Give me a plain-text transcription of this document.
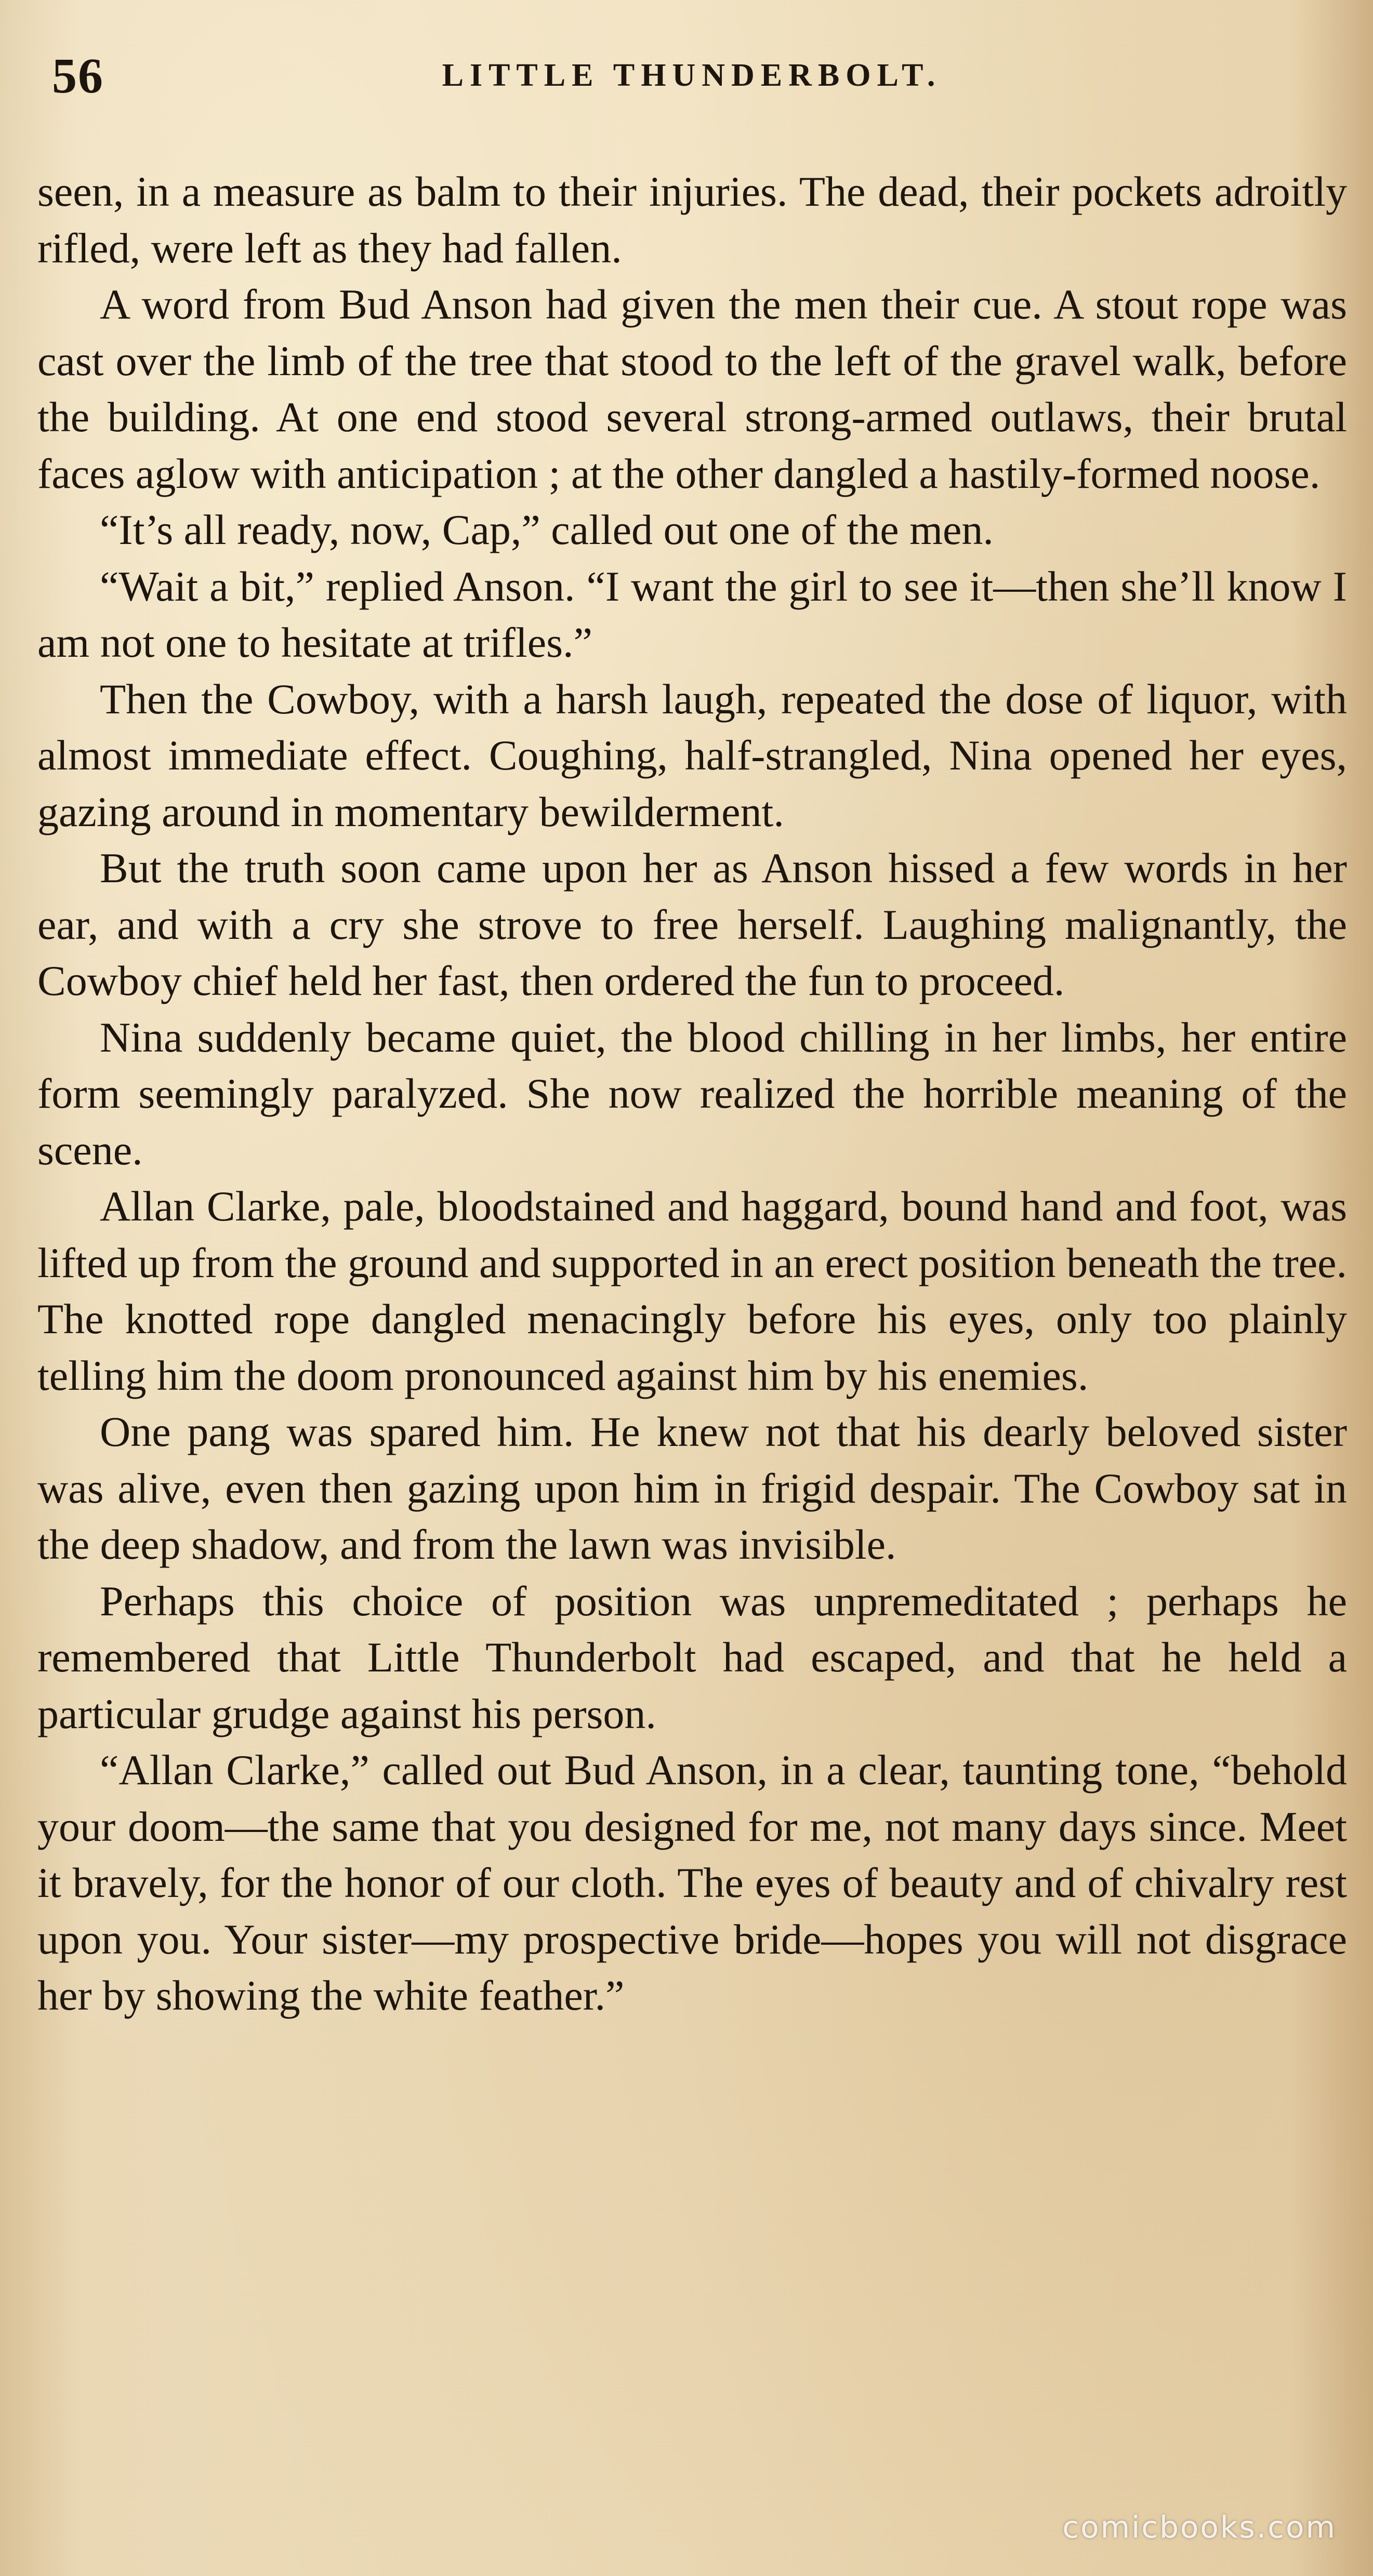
56	LITTLE THUNDERBOLT.

seen, in a measure as balm to their injuries. The dead, their pockets adroitly rifled, were left as they had fallen.

A word from Bud Anson had given the men their cue. A stout rope was cast over the limb of the tree that stood to the left of the gravel walk, before the building. At one end stood several strong-armed outlaws, their brutal faces aglow with anticipation ; at the other dangled a hastily-formed noose.

“It’s all ready, now, Cap,” called out one of the men.

“Wait a bit,” replied Anson. “I want the girl to see it—then she’ll know I am not one to hesitate at trifles.”

Then the Cowboy, with a harsh laugh, repeated the dose of liquor, with almost immediate effect. Coughing, half-strangled, Nina opened her eyes, gazing around in momentary bewilderment.

But the truth soon came upon her as Anson hissed a few words in her ear, and with a cry she strove to free herself. Laughing malignantly, the Cowboy chief held her fast, then ordered the fun to proceed.

Nina suddenly became quiet, the blood chilling in her limbs, her entire form seemingly paralyzed. She now realized the horrible meaning of the scene.

Allan Clarke, pale, bloodstained and haggard, bound hand and foot, was lifted up from the ground and supported in an erect position beneath the tree. The knotted rope dangled menacingly before his eyes, only too plainly telling him the doom pronounced against him by his enemies.

One pang was spared him. He knew not that his dearly beloved sister was alive, even then gazing upon him in frigid despair. The Cowboy sat in the deep shadow, and from the lawn was invisible.

Perhaps this choice of position was unpremeditated ; perhaps he remembered that Little Thunderbolt had escaped, and that he held a particular grudge against his person.

“Allan Clarke,” called out Bud Anson, in a clear, taunting tone, “behold your doom—the same that you designed for me, not many days since. Meet it bravely, for the honor of our cloth. The eyes of beauty and of chivalry rest upon you. Your sister—my prospective bride—hopes you will not disgrace her by showing the white feather.”

comicbooks.com
